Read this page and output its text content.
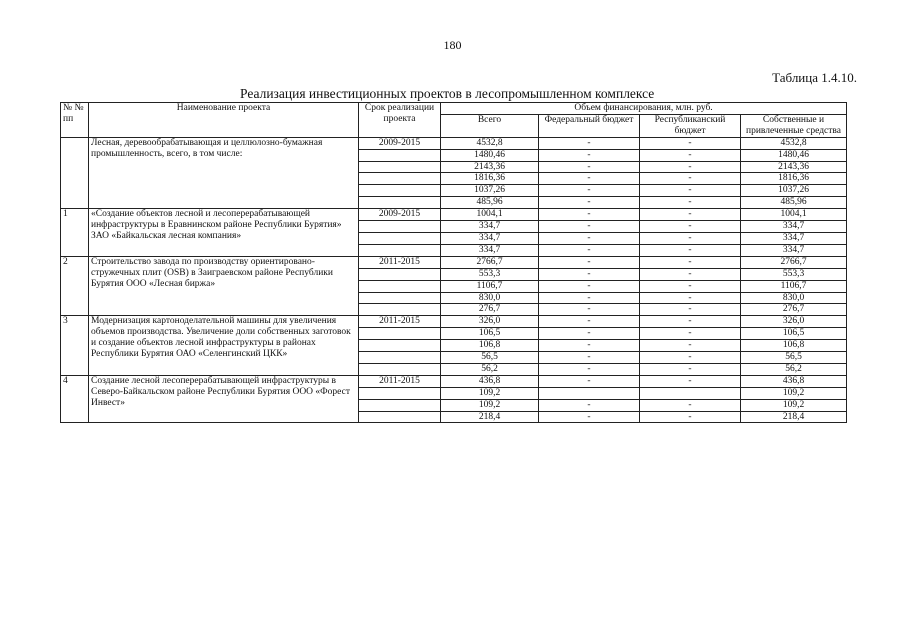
180
Таблица 1.4.10.
Реализация инвестиционных проектов в лесопромышленном комплексе
№ № пп	Наименование проекта	Срок реализации проекта	Объем финансирования, млн. руб.			
			Всего	Федеральный бюджет	Республиканский бюджет	Собственные и привлеченные средства
	Лесная, деревообрабатывающая и целлюлозно-бумажная промышленность, всего, в том числе:	2009-2015	4532,8	-	-	4532,8
			1480,46	-	-	1480,46
			2143,36	-	-	2143,36
			1816,36	-	-	1816,36
			1037,26	-	-	1037,26
			485,96	-	-	485,96
1	«Создание объектов лесной и лесоперерабатывающей инфраструктуры в Еравнинском районе Республики Бурятия» ЗАО «Байкальская лесная компания»	2009-2015	1004,1	-	-	1004,1
			334,7	-	-	334,7
			334,7	-	-	334,7
			334,7	-	-	334,7
2	Строительство завода по производству ориентировано-стружечных плит (OSB) в Заиграевском районе Республики Бурятия ООО «Лесная биржа»	2011-2015	2766,7	-	-	2766,7
			553,3	-	-	553,3
			1106,7	-	-	1106,7
			830,0	-	-	830,0
			276,7	-	-	276,7
3	Модернизация картоноделательной машины для увеличения объемов производства. Увеличение доли собственных заготовок и создание объектов лесной инфраструктуры в районах Республики Бурятия ОАО «Селенгинский ЦКК»	2011-2015	326,0	-	-	326,0
			106,5	-	-	106,5
			106,8	-	-	106,8
			56,5	-	-	56,5
			56,2	-	-	56,2
4	Создание лесной лесоперерабатывающей инфраструктуры в Северо-Байкальском районе Республики Бурятия ООО «Форест Инвест»	2011-2015	436,8	-	-	436,8
			109,2			109,2
			109,2	-	-	109,2
			218,4	-	-	218,4
